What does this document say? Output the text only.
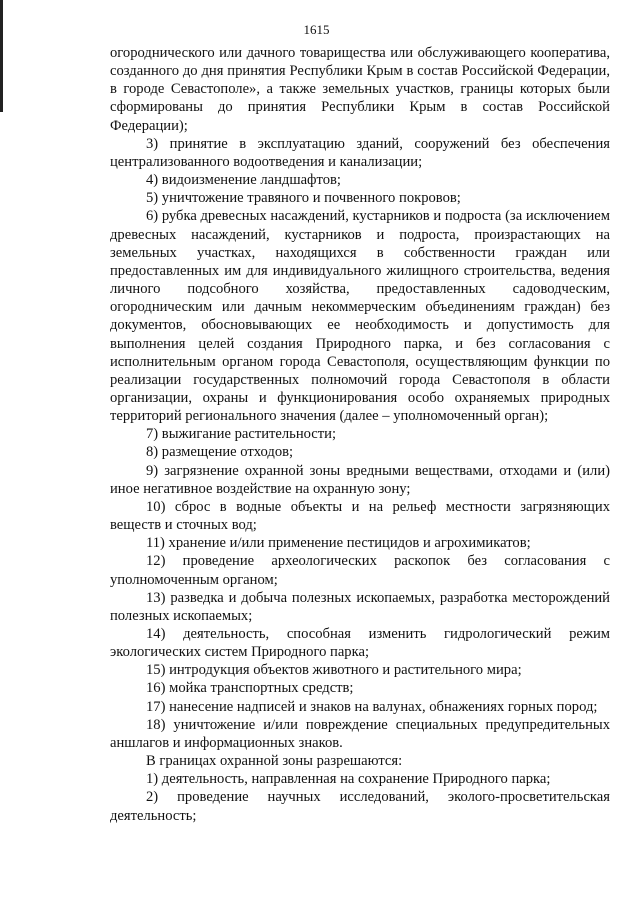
1615

огороднического или дачного товарищества или обслуживающего кооператива, созданного до дня принятия Республики Крым в состав Российской Федерации, в городе Севастополе», а также земельных участков, границы которых были сформированы до принятия Республики Крым в состав Российской Федерации);

3) принятие в эксплуатацию зданий, сооружений без обеспечения централизованного водоотведения и канализации;

4) видоизменение ландшафтов;

5) уничтожение травяного и почвенного покровов;

6) рубка древесных насаждений, кустарников и подроста (за исключением древесных насаждений, кустарников и подроста, произрастающих на земельных участках, находящихся в собственности граждан или предоставленных им для индивидуального жилищного строительства, ведения личного подсобного хозяйства, предоставленных садоводческим, огородническим или дачным некоммерческим объединениям граждан) без документов, обосновывающих ее необходимость и допустимость для выполнения целей создания Природного парка, и без согласования с исполнительным органом города Севастополя, осуществляющим функции по реализации государственных полномочий города Севастополя в области организации, охраны и функционирования особо охраняемых природных территорий регионального значения (далее – уполномоченный орган);

7) выжигание растительности;

8) размещение отходов;

9) загрязнение охранной зоны вредными веществами, отходами и (или) иное негативное воздействие на охранную зону;

10) сброс в водные объекты и на рельеф местности загрязняющих веществ и сточных вод;

11) хранение и/или применение пестицидов и агрохимикатов;

12) проведение археологических раскопок без согласования с уполномоченным органом;

13) разведка и добыча полезных ископаемых, разработка месторождений полезных ископаемых;

14) деятельность, способная изменить гидрологический режим экологических систем Природного парка;

15) интродукция объектов животного и растительного мира;

16) мойка транспортных средств;

17) нанесение надписей и знаков на валунах, обнажениях горных пород;

18) уничтожение и/или повреждение специальных предупредительных аншлагов и информационных знаков.

В границах охранной зоны разрешаются:

1) деятельность, направленная на сохранение Природного парка;

2) проведение научных исследований, эколого-просветительская деятельность;
